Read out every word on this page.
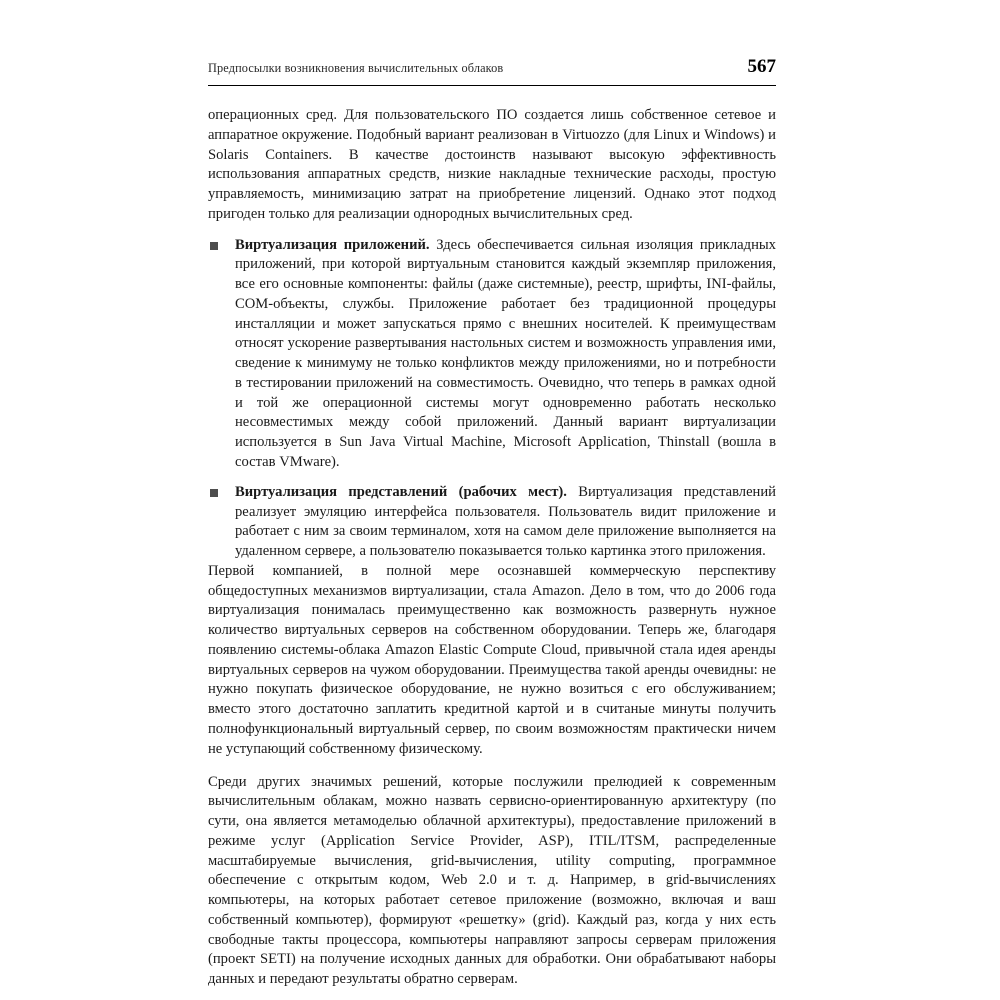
Предпосылки возникновения вычислительных облаков	567

операционных сред. Для пользовательского ПО создается лишь собственное сетевое и аппаратное окружение. Подобный вариант реализован в Virtuozzo (для Linux и Windows) и Solaris Containers. В качестве достоинств называют высокую эффективность использования аппаратных средств, низкие накладные технические расходы, простую управляемость, минимизацию затрат на приобретение лицензий. Однако этот подход пригоден только для реализации однородных вычислительных сред.

Виртуализация приложений. Здесь обеспечивается сильная изоляция прикладных приложений, при которой виртуальным становится каждый экземпляр приложения, все его основные компоненты: файлы (даже системные), реестр, шрифты, INI-файлы, COM-объекты, службы. Приложение работает без традиционной процедуры инсталляции и может запускаться прямо с внешних носителей. К преимуществам относят ускорение развертывания настольных систем и возможность управления ими, сведение к минимуму не только конфликтов между приложениями, но и потребности в тестировании приложений на совместимость. Очевидно, что теперь в рамках одной и той же операционной системы могут одновременно работать несколько несовместимых между собой приложений. Данный вариант виртуализации используется в Sun Java Virtual Machine, Microsoft Application, Thinstall (вошла в состав VMware).
Виртуализация представлений (рабочих мест). Виртуализация представлений реализует эмуляцию интерфейса пользователя. Пользователь видит приложение и работает с ним за своим терминалом, хотя на самом деле приложение выполняется на удаленном сервере, а пользователю показывается только картинка этого приложения.

Первой компанией, в полной мере осознавшей коммерческую перспективу общедоступных механизмов виртуализации, стала Amazon. Дело в том, что до 2006 года виртуализация понималась преимущественно как возможность развернуть нужное количество виртуальных серверов на собственном оборудовании. Теперь же, благодаря появлению системы-облака Amazon Elastic Compute Cloud, привычной стала идея аренды виртуальных серверов на чужом оборудовании. Преимущества такой аренды очевидны: не нужно покупать физическое оборудование, не нужно возиться с его обслуживанием; вместо этого достаточно заплатить кредитной картой и в считаные минуты получить полнофункциональный виртуальный сервер, по своим возможностям практически ничем не уступающий собственному физическому.

Среди других значимых решений, которые послужили прелюдией к современным вычислительным облакам, можно назвать сервисно-ориентированную архитектуру (по сути, она является метамоделью облачной архитектуры), предоставление приложений в режиме услуг (Application Service Provider, ASP), ITIL/ITSM, распределенные масштабируемые вычисления, grid-вычисления, utility computing, программное обеспечение с открытым кодом, Web 2.0 и т. д. Например, в grid-вычислениях компьютеры, на которых работает сетевое приложение (возможно, включая и ваш собственный компьютер), формируют «решетку» (grid). Каждый раз, когда у них есть свободные такты процессора, компьютеры направляют запросы серверам приложения (проект SETI) на получение исходных данных для обработки. Они обрабатывают наборы данных и передают результаты обратно серверам.
